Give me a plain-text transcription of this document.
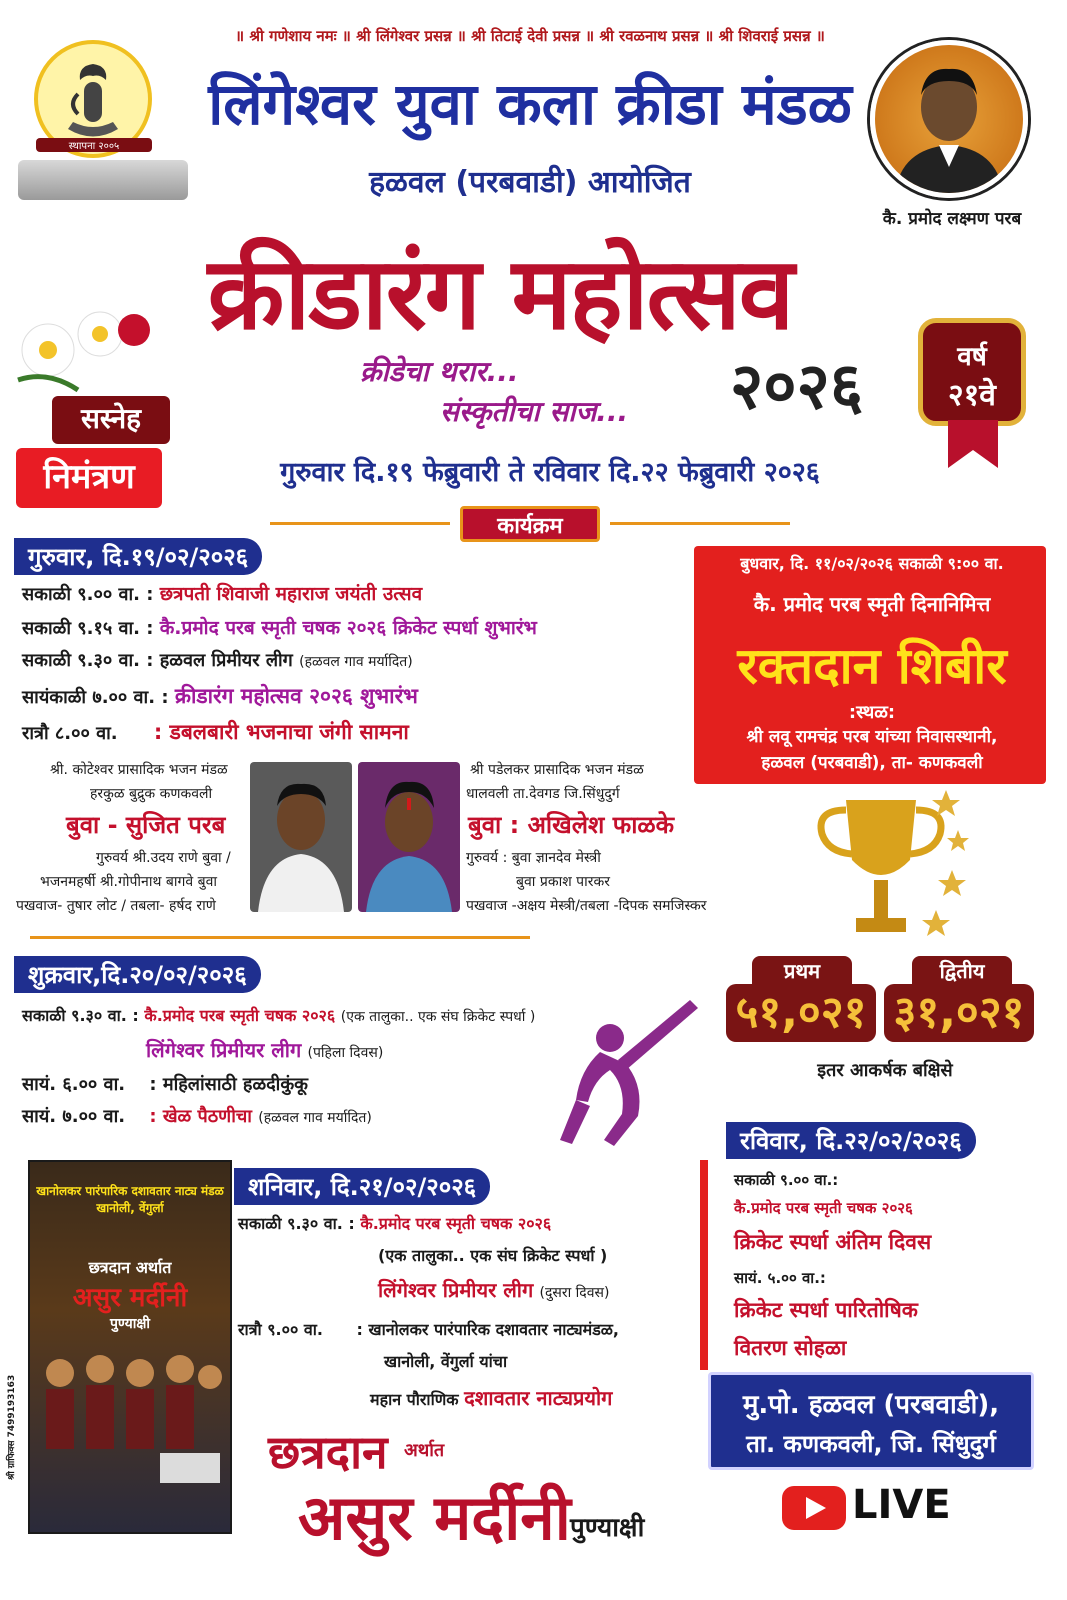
॥ श्री गणेशाय नमः ॥ श्री लिंगेश्वर प्रसन्न ॥ श्री तिटाई देवी प्रसन्न ॥ श्री रवळनाथ प्रसन्न ॥ श्री शिवराई प्रसन्न ॥
स्थापना २००५
लिंगेश्वर युवा कला क्रीडा मंडळ
हळवल (परबवाडी) आयोजित
कै. प्रमोद लक्ष्मण परब
क्रीडारंग महोत्सव
क्रीडेचा थरार...
संस्कृतीचा साज... २०२६	वर्ष
२१वे
सस्नेह
निमंत्रण	गुरुवार दि.१९ फेब्रुवारी ते रविवार दि.२२ फेब्रुवारी २०२६
कार्यक्रम
गुरुवार, दि.१९/०२/२०२६
सकाळी ९.०० वा. : छत्रपती शिवाजी महाराज जयंती उत्सव
सकाळी ९.१५ वा. : कै.प्रमोद परब स्मृती चषक २०२६ क्रिकेट स्पर्धा शुभारंभ
सकाळी ९.३० वा. : हळवल प्रिमीयर लीग (हळवल गाव मर्यादित)
सायंकाळी ७.०० वा. : क्रीडारंग महोत्सव २०२६ शुभारंभ
रात्रौ ८.०० वा. : डबलबारी भजनाचा जंगी सामना
श्री. कोटेश्वर प्रासादिक भजन मंडळ
हरकुळ बुद्रुक कणकवली
बुवा - सुजित परब
गुरुवर्य श्री.उदय राणे बुवा /
भजनमहर्षी श्री.गोपीनाथ बागवे बुवा
पखवाज- तुषार लोट / तबला- हर्षद राणे
श्री पडेलकर प्रासादिक भजन मंडळ
धालवली ता.देवगड जि.सिंधुदुर्ग
बुवा : अखिलेश फाळके
गुरुवर्य : बुवा ज्ञानदेव मेस्त्री
बुवा प्रकाश पारकर
पखवाज -अक्षय मेस्त्री/तबला -दिपक समजिस्कर
बुधवार, दि. ११/०२/२०२६ सकाळी ९:०० वा.
कै. प्रमोद परब स्मृती दिनानिमित्त
रक्तदान शिबीर
:स्थळ:
श्री लवू रामचंद्र परब यांच्या निवासस्थानी,
हळवल (परबवाडी), ता- कणकवली
प्रथम
५१,०२१
द्वितीय
३१,०२१
इतर आकर्षक बक्षिसे
शुक्रवार,दि.२०/०२/२०२६
सकाळी ९.३० वा. : कै.प्रमोद परब स्मृती चषक २०२६ (एक तालुका.. एक संघ क्रिकेट स्पर्धा )
लिंगेश्वर प्रिमीयर लीग (पहिला दिवस)
सायं. ६.०० वा. : महिलांसाठी हळदीकुंकू
सायं. ७.०० वा. : खेळ पैठणीचा (हळवल गाव मर्यादित)
शनिवार, दि.२१/०२/२०२६
सकाळी ९.३० वा. : कै.प्रमोद परब स्मृती चषक २०२६
(एक तालुका.. एक संघ क्रिकेट स्पर्धा )
लिंगेश्वर प्रिमीयर लीग (दुसरा दिवस)
रात्रौ ९.०० वा. : खानोलकर पारंपारिक दशावतार नाट्यमंडळ,
खानोली, वेंगुर्ला यांचा
महान पौराणिक दशावतार नाट्यप्रयोग
रविवार, दि.२२/०२/२०२६
सकाळी ९.०० वा.:
कै.प्रमोद परब स्मृती चषक २०२६
क्रिकेट स्पर्धा अंतिम दिवस
सायं. ५.०० वा.:
क्रिकेट स्पर्धा पारितोषिक
वितरण सोहळा
खानोलकर पारंपारिक दशावतार नाट्य मंडळ
खानोली, वेंगुर्ला
छत्रदान अर्थात
असुर मर्दीनी
पुण्याक्षी
श्री ग्राफिक्स 7499193163	छत्रदान अर्थात
असुर मर्दीनी पुण्याक्षी
मु.पो. हळवल (परबवाडी),
ता. कणकवली, जि. सिंधुदुर्ग
LIVE
